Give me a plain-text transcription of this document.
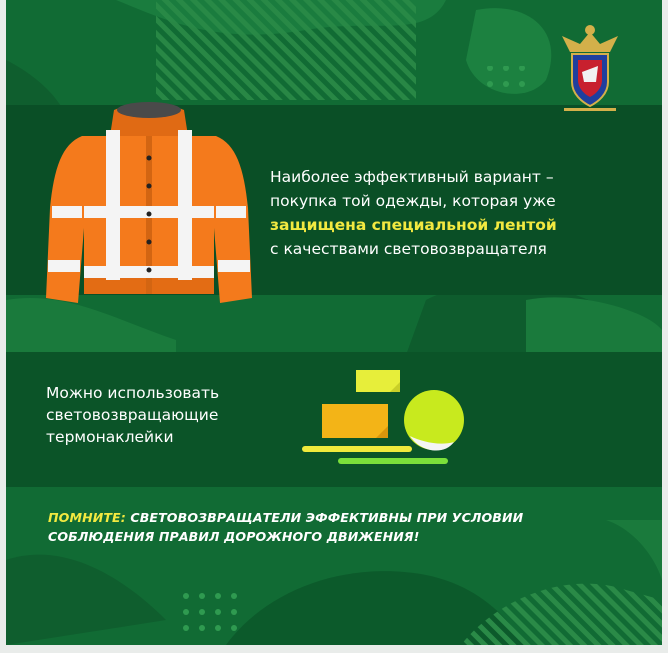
Наиболее эффективный вариант –
покупка той одежды, которая уже
защищена специальной лентой
с качествами световозвращателя
Можно использовать
световозвращающие
термонаклейки
ПОМНИТЕ: СВЕТОВОЗВРАЩАТЕЛИ ЭФФЕКТИВНЫ ПРИ УСЛОВИИ
СОБЛЮДЕНИЯ ПРАВИЛ ДОРОЖНОГО ДВИЖЕНИЯ!
